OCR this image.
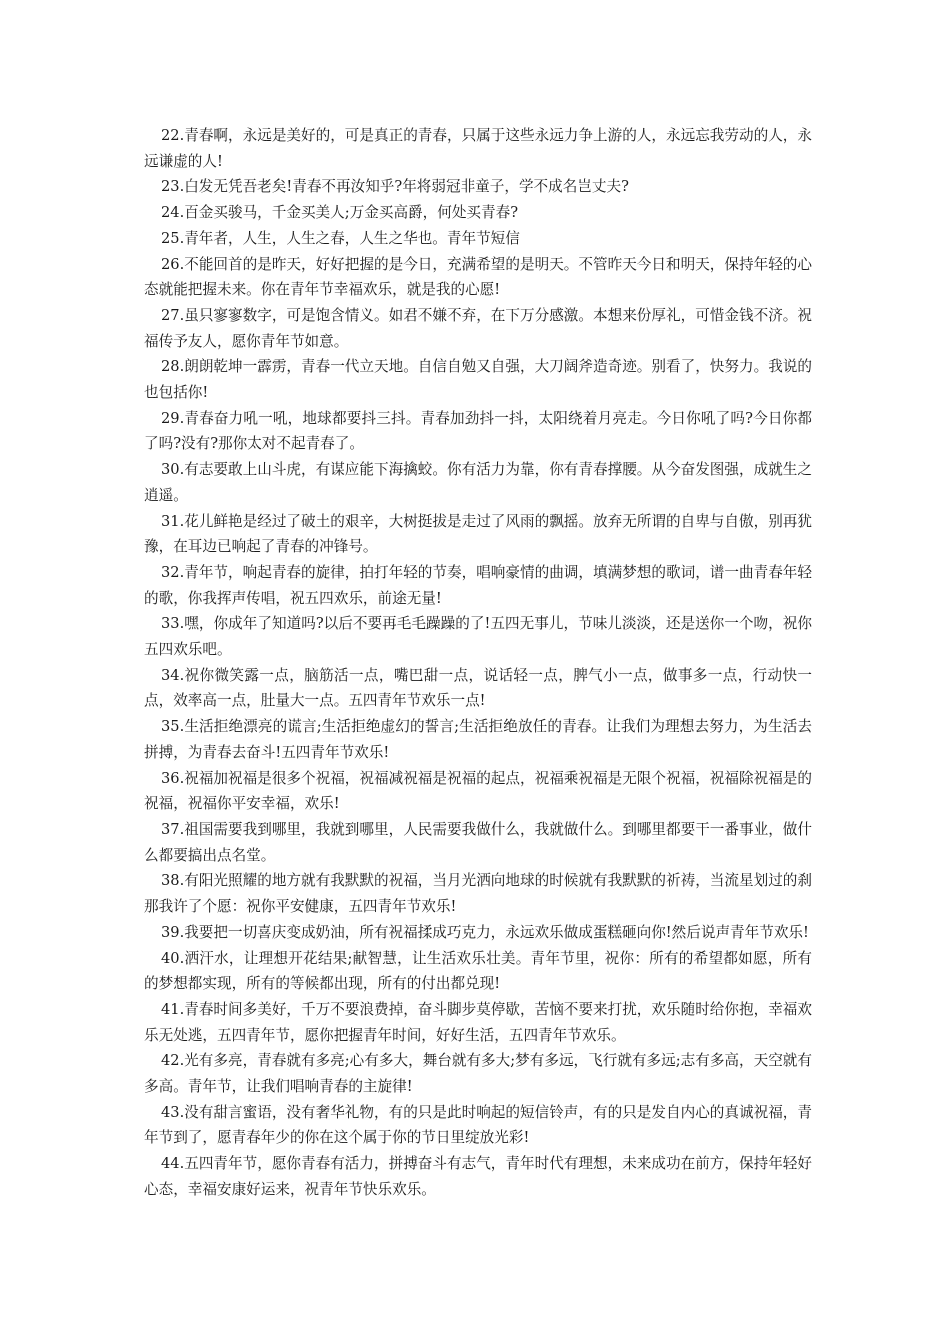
22.青春啊，永远是美好的，可是真正的青春，只属于这些永远力争上游的人，永远忘我劳动的人，永远谦虚的人!

23.白发无凭吾老矣!青春不再汝知乎?年将弱冠非童子，学不成名岂丈夫?

24.百金买骏马，千金买美人;万金买高爵，何处买青春?

25.青年者，人生，人生之春，人生之华也。青年节短信

26.不能回首的是昨天，好好把握的是今日，充满希望的是明天。不管昨天今日和明天，保持年轻的心态就能把握未来。你在青年节幸福欢乐，就是我的心愿!

27.虽只寥寥数字，可是饱含情义。如君不嫌不弃，在下万分感激。本想来份厚礼，可惜金钱不济。祝福传予友人，愿你青年节如意。

28.朗朗乾坤一霹雳，青春一代立天地。自信自勉又自强，大刀阔斧造奇迹。别看了，快努力。我说的也包括你!

29.青春奋力吼一吼，地球都要抖三抖。青春加劲抖一抖，太阳绕着月亮走。今日你吼了吗?今日你都了吗?没有?那你太对不起青春了。

30.有志要敢上山斗虎，有谋应能下海擒蛟。你有活力为靠，你有青春撑腰。从今奋发图强，成就生之逍遥。

31.花儿鲜艳是经过了破土的艰辛，大树挺拔是走过了风雨的飘摇。放弃无所谓的自卑与自傲，别再犹豫，在耳边已响起了青春的冲锋号。

32.青年节，响起青春的旋律，拍打年轻的节奏，唱响豪情的曲调，填满梦想的歌词，谱一曲青春年轻的歌，你我挥声传唱，祝五四欢乐，前途无量!

33.嘿，你成年了知道吗?以后不要再毛毛躁躁的了!五四无事儿，节味儿淡淡，还是送你一个吻，祝你五四欢乐吧。

34.祝你微笑露一点，脑筋活一点，嘴巴甜一点，说话轻一点，脾气小一点，做事多一点，行动快一点，效率高一点，肚量大一点。五四青年节欢乐一点!

35.生活拒绝漂亮的谎言;生活拒绝虚幻的誓言;生活拒绝放任的青春。让我们为理想去努力，为生活去拼搏，为青春去奋斗!五四青年节欢乐!

36.祝福加祝福是很多个祝福，祝福减祝福是祝福的起点，祝福乘祝福是无限个祝福，祝福除祝福是的祝福，祝福你平安幸福，欢乐!

37.祖国需要我到哪里，我就到哪里，人民需要我做什么，我就做什么。到哪里都要干一番事业，做什么都要搞出点名堂。

38.有阳光照耀的地方就有我默默的祝福，当月光洒向地球的时候就有我默默的祈祷，当流星划过的刹那我许了个愿：祝你平安健康，五四青年节欢乐!

39.我要把一切喜庆变成奶油，所有祝福揉成巧克力，永远欢乐做成蛋糕砸向你!然后说声青年节欢乐!

40.洒汗水，让理想开花结果;献智慧，让生活欢乐壮美。青年节里，祝你：所有的希望都如愿，所有的梦想都实现，所有的等候都出现，所有的付出都兑现!

41.青春时间多美好，千万不要浪费掉，奋斗脚步莫停歇，苦恼不要来打扰，欢乐随时给你抱，幸福欢乐无处逃，五四青年节，愿你把握青年时间，好好生活，五四青年节欢乐。

42.光有多亮，青春就有多亮;心有多大，舞台就有多大;梦有多远，飞行就有多远;志有多高，天空就有多高。青年节，让我们唱响青春的主旋律!

43.没有甜言蜜语，没有奢华礼物，有的只是此时响起的短信铃声，有的只是发自内心的真诚祝福，青年节到了，愿青春年少的你在这个属于你的节日里绽放光彩!

44.五四青年节，愿你青春有活力，拼搏奋斗有志气，青年时代有理想，未来成功在前方，保持年轻好心态，幸福安康好运来，祝青年节快乐欢乐。
